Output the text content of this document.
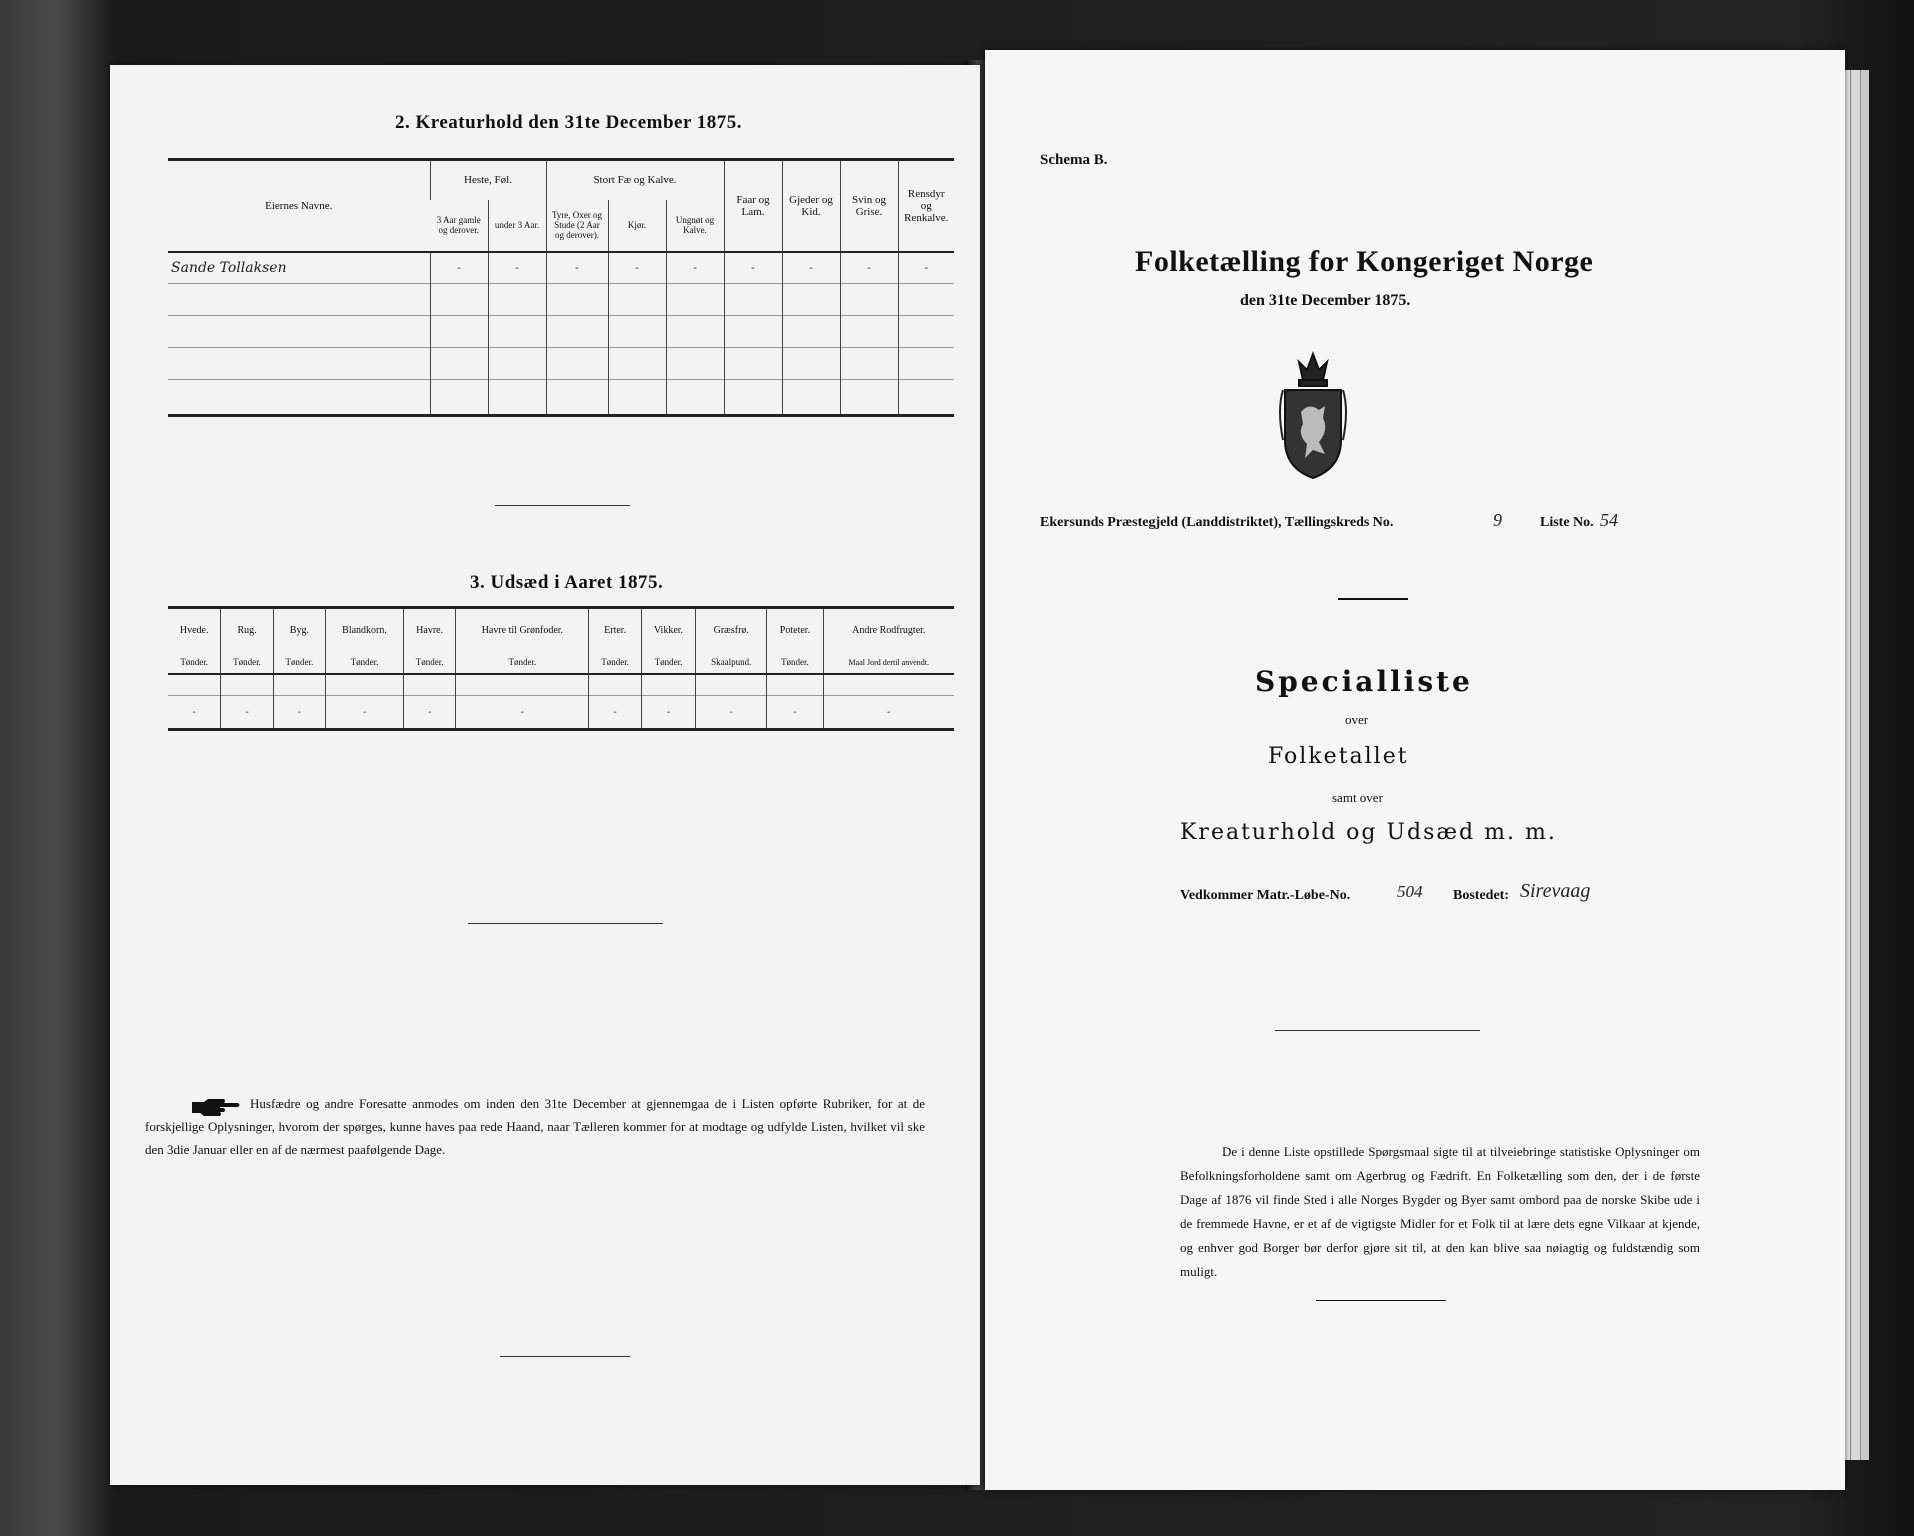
2. Kreaturhold den 31te December 1875.
Eiernes Navne.	Heste, Føl.		Stort Fæ og Kalve.			Faar og Lam.	Gjeder og Kid.	Svin og Grise.	Rensdyr og Renkalve.
	3 Aar gamle og derover.	under 3 Aar.	Tyre, Oxer og Stude (2 Aar og derover).	Kjør.	Ungnøt og Kalve.				
Sande Tollaksen	-	-	-	-	-	-	-	-	-

3. Udsæd i Aaret 1875.
Hvede.	Rug.	Byg.	Blandkorn.	Havre.	Havre til Grønfoder.	Erter.	Vikker.	Græsfrø.	Poteter.	Andre Rodfrugter.
Tønder.	Tønder.	Tønder.	Tønder.	Tønder.	Tønder.	Tønder.	Tønder.	Skaalpund.	Tønder.	Maal Jord dertil anvendt.

-	-	-	-	-	-	-	-	-	-	-
Husfædre og andre Foresatte anmodes om inden den 31te December at gjennemgaa de i Listen opførte Rubriker, for at de forskjellige Oplysninger, hvorom der spørges, kunne haves paa rede Haand, naar Tælleren kommer for at modtage og udfylde Listen, hvilket vil ske den 3die Januar eller en af de nærmest paafølgende Dage.
Schema B.
Folketælling for Kongeriget Norge
den 31te December 1875.
Ekersunds Præstegjeld (Landdistriktet), Tællingskreds No.	9	Liste No. 54
Specialliste
over
Folketallet
samt over
Kreaturhold og Udsæd m. m.
Vedkommer Matr.-Løbe-No.	504 Bostedet: Sirevaag
De i denne Liste opstillede Spørgsmaal sigte til at tilveiebringe statistiske Oplysninger om Befolkningsforholdene samt om Agerbrug og Fædrift. En Folketælling som den, der i de første Dage af 1876 vil finde Sted i alle Norges Bygder og Byer samt ombord paa de norske Skibe ude i de fremmede Havne, er et af de vigtigste Midler for et Folk til at lære dets egne Vilkaar at kjende, og enhver god Borger bør derfor gjøre sit til, at den kan blive saa nøiagtig og fuldstændig som muligt.
